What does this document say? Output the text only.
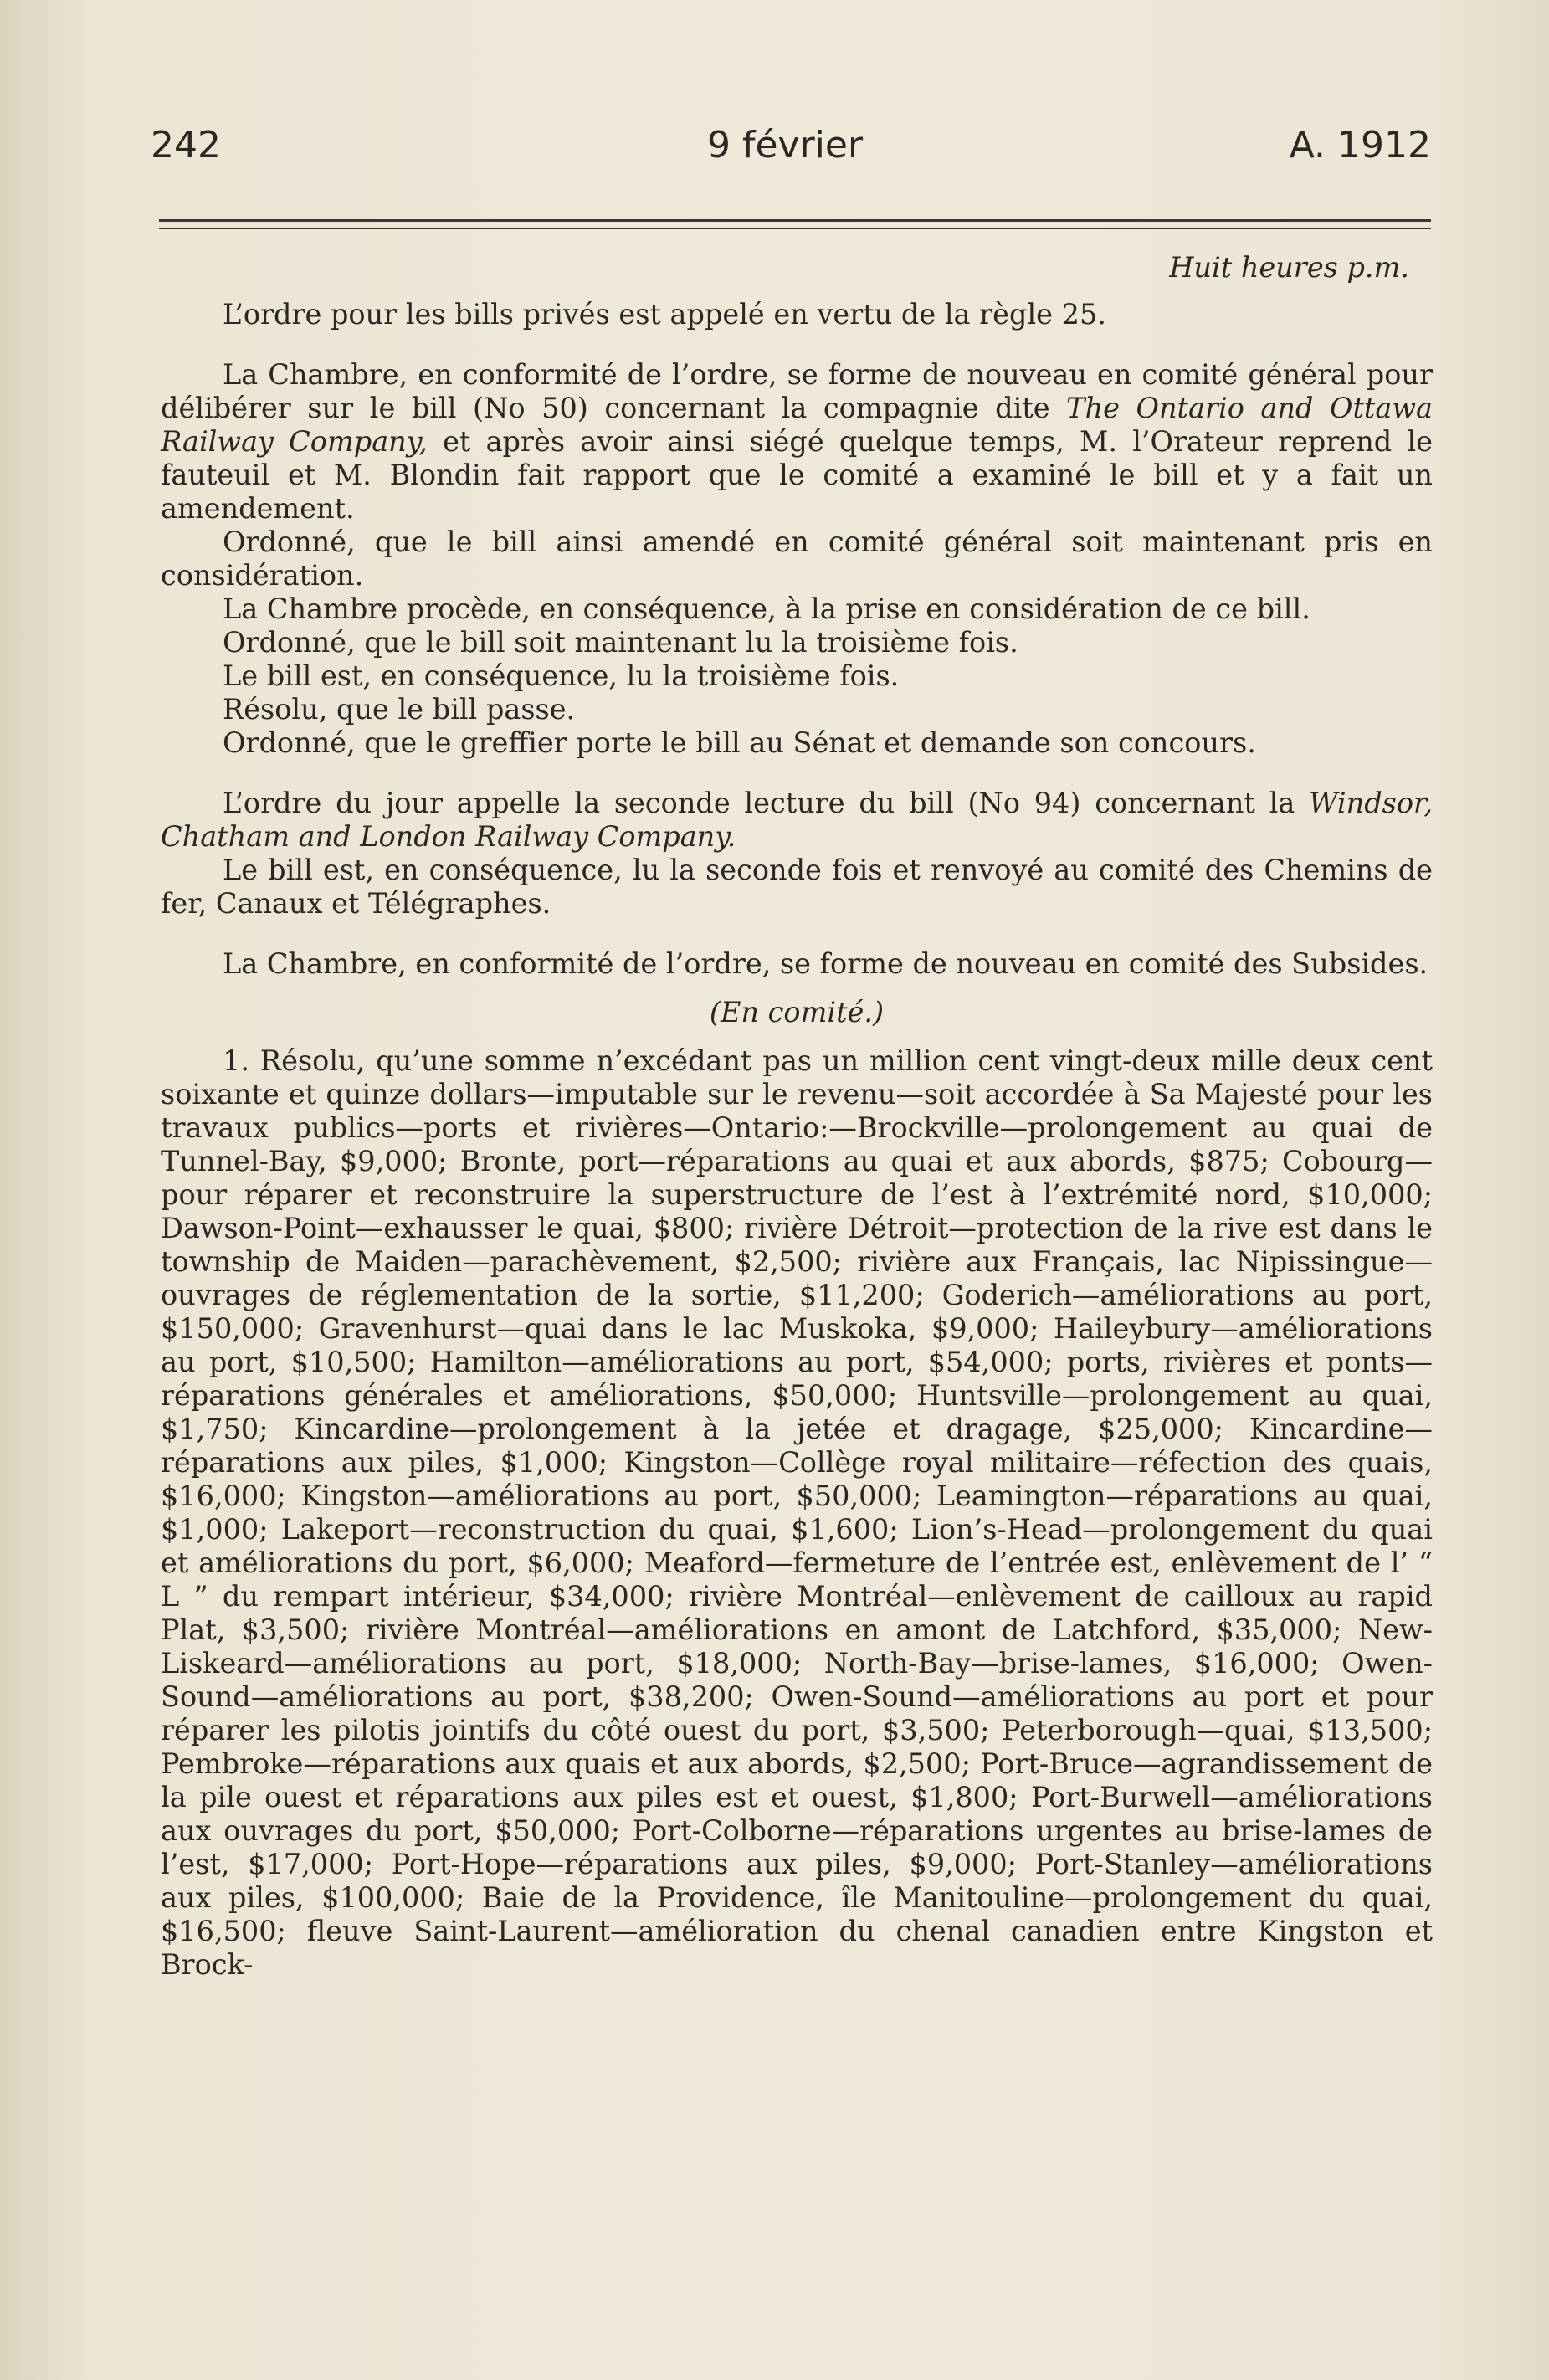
242	9 février	A. 1912

Huit heures p.m.

L’ordre pour les bills privés est appelé en vertu de la règle 25.

La Chambre, en conformité de l’ordre, se forme de nouveau en comité général pour délibérer sur le bill (No 50) concernant la compagnie dite The Ontario and Ottawa Railway Company, et après avoir ainsi siégé quelque temps, M. l’Orateur reprend le fauteuil et M. Blondin fait rapport que le comité a examiné le bill et y a fait un amendement.

Ordonné, que le bill ainsi amendé en comité général soit maintenant pris en considération.

La Chambre procède, en conséquence, à la prise en considération de ce bill.

Ordonné, que le bill soit maintenant lu la troisième fois.

Le bill est, en conséquence, lu la troisième fois.

Résolu, que le bill passe.

Ordonné, que le greffier porte le bill au Sénat et demande son concours.

L’ordre du jour appelle la seconde lecture du bill (No 94) concernant la Windsor, Chatham and London Railway Company.

Le bill est, en conséquence, lu la seconde fois et renvoyé au comité des Chemins de fer, Canaux et Télégraphes.

La Chambre, en conformité de l’ordre, se forme de nouveau en comité des Subsides.

(En comité.)

1. Résolu, qu’une somme n’excédant pas un million cent vingt-deux mille deux cent soixante et quinze dollars—imputable sur le revenu—soit accordée à Sa Majesté pour les travaux publics—ports et rivières—Ontario:—Brockville—prolongement au quai de Tunnel-Bay, $9,000; Bronte, port—réparations au quai et aux abords, $875; Cobourg—pour réparer et reconstruire la superstructure de l’est à l’extrémité nord, $10,000; Dawson-Point—exhausser le quai, $800; rivière Détroit—protection de la rive est dans le township de Maiden—parachèvement, $2,500; rivière aux Français, lac Nipissingue—ouvrages de réglementation de la sortie, $11,200; Goderich—améliorations au port, $150,000; Gravenhurst—quai dans le lac Muskoka, $9,000; Haileybury—améliorations au port, $10,500; Hamilton—améliorations au port, $54,000; ports, rivières et ponts—réparations générales et améliorations, $50,000; Huntsville—prolongement au quai, $1,750; Kincardine—prolongement à la jetée et dragage, $25,000; Kincardine—réparations aux piles, $1,000; Kingston—Collège royal militaire—réfection des quais, $16,000; Kingston—améliorations au port, $50,000; Leamington—réparations au quai, $1,000; Lakeport—reconstruction du quai, $1,600; Lion’s-Head—prolongement du quai et améliorations du port, $6,000; Meaford—fermeture de l’entrée est, enlèvement de l’ “ L ” du rempart intérieur, $34,000; rivière Montréal—enlèvement de cailloux au rapid Plat, $3,500; rivière Montréal—améliorations en amont de Latchford, $35,000; New-Liskeard—améliorations au port, $18,000; North-Bay—brise-lames, $16,000; Owen-Sound—améliorations au port, $38,200; Owen-Sound—améliorations au port et pour réparer les pilotis jointifs du côté ouest du port, $3,500; Peterborough—quai, $13,500; Pembroke—réparations aux quais et aux abords, $2,500; Port-Bruce—agrandissement de la pile ouest et réparations aux piles est et ouest, $1,800; Port-Burwell—améliorations aux ouvrages du port, $50,000; Port-Colborne—réparations urgentes au brise-lames de l’est, $17,000; Port-Hope—réparations aux piles, $9,000; Port-Stanley—améliorations aux piles, $100,000; Baie de la Providence, île Manitouline—prolongement du quai, $16,500; fleuve Saint-Laurent—amélioration du chenal canadien entre Kingston et Brock-
